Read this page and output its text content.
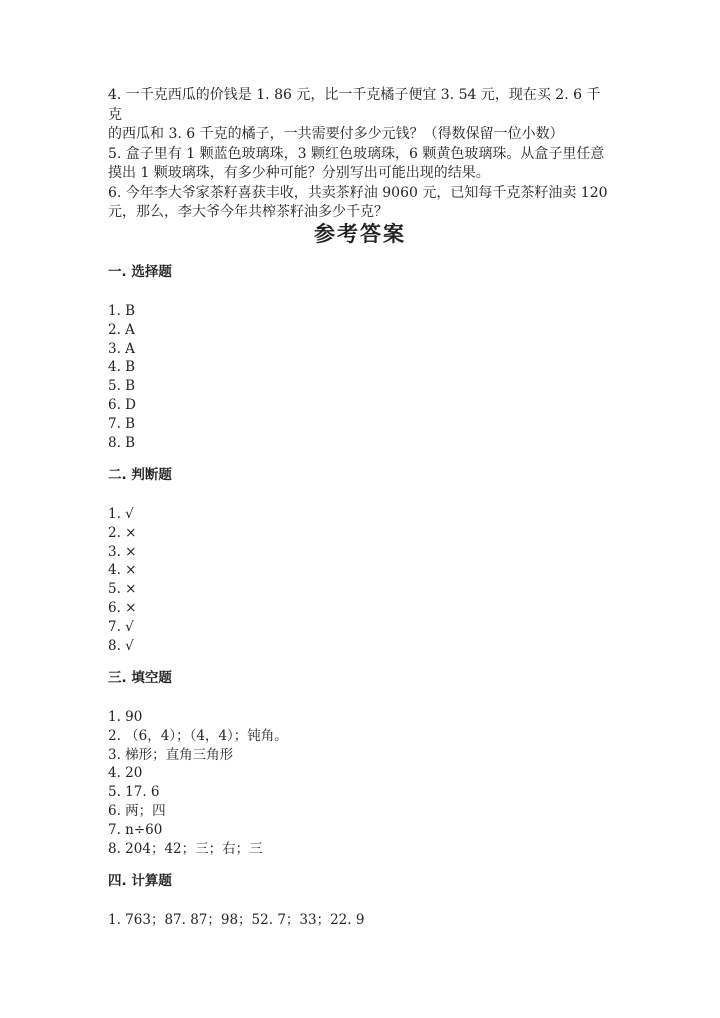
4. 一千克西瓜的价钱是 1. 86 元，比一千克橘子便宜 3. 54 元，现在买 2. 6 千克

的西瓜和 3. 6 千克的橘子，一共需要付多少元钱？（得数保留一位小数）

5. 盒子里有 1 颗蓝色玻璃珠，3 颗红色玻璃珠，6 颗黄色玻璃珠。从盒子里任意

摸出 1 颗玻璃珠，有多少种可能？分别写出可能出现的结果。

6. 今年李大爷家茶籽喜获丰收，共卖茶籽油 9060 元，已知每千克茶籽油卖 120

元，那么，李大爷今年共榨茶籽油多少千克？

参考答案
一. 选择题
1. B
2. A
3. A
4. B
5. B
6. D
7. B
8. B
二. 判断题
1. √
2. ×
3. ×
4. ×
5. ×
6. ×
7. √
8. √
三. 填空题
1. 90
2. （6，4）；（4，4）；钝角。
3. 梯形；直角三角形
4. 20
5. 17. 6
6. 两；四
7. n÷60
8. 204；42；三；右；三
四. 计算题
1. 763；87. 87；98；52. 7；33；22. 9
